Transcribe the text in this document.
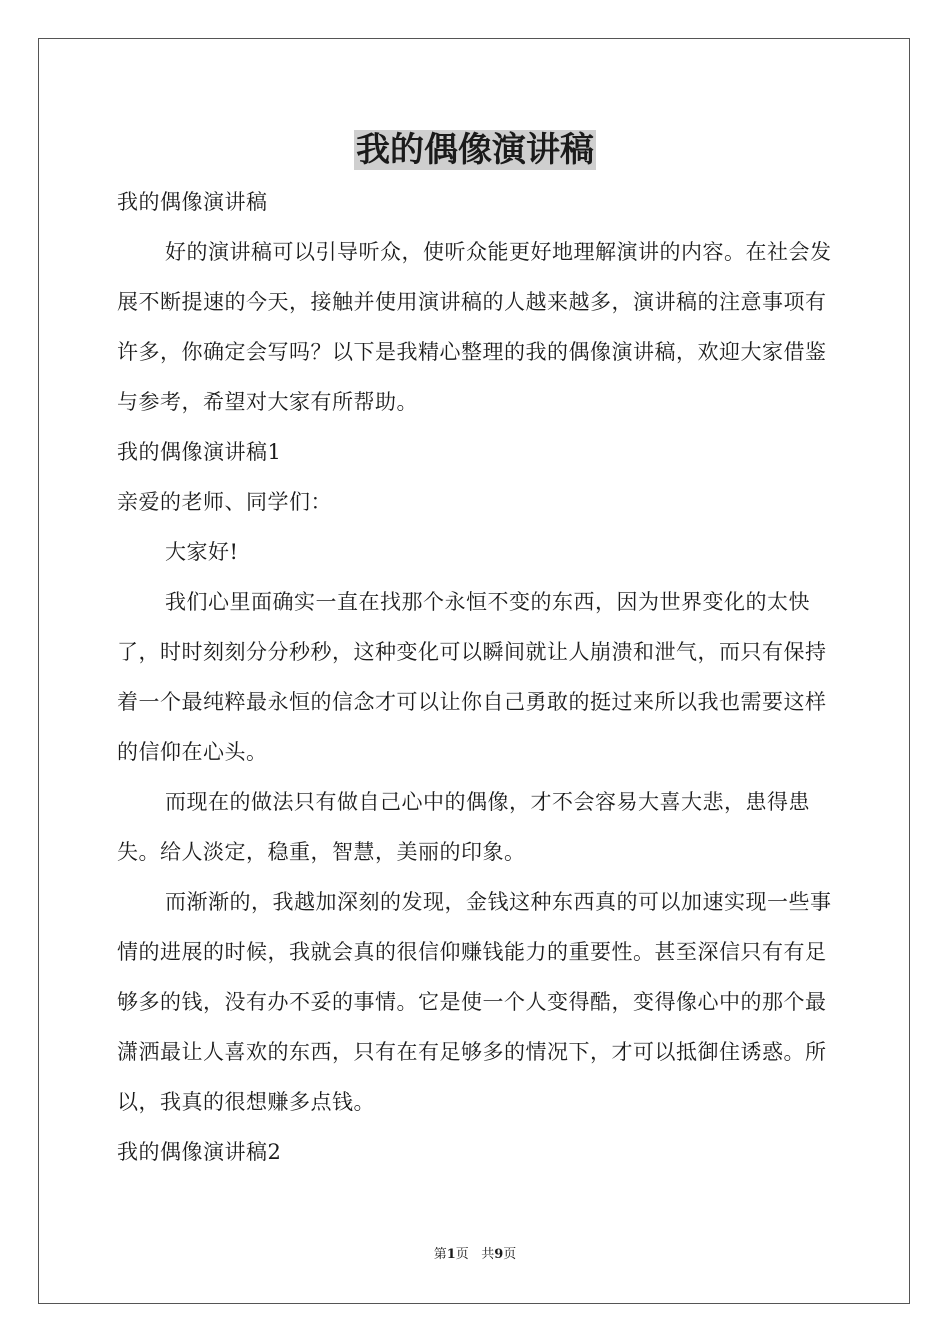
我的偶像演讲稿

我的偶像演讲稿

好的演讲稿可以引导听众，使听众能更好地理解演讲的内容。在社会发展不断提速的今天，接触并使用演讲稿的人越来越多，演讲稿的注意事项有许多，你确定会写吗？以下是我精心整理的我的偶像演讲稿，欢迎大家借鉴与参考，希望对大家有所帮助。

我的偶像演讲稿1

亲爱的老师、同学们：

大家好!

我们心里面确实一直在找那个永恒不变的东西，因为世界变化的太快了，时时刻刻分分秒秒，这种变化可以瞬间就让人崩溃和泄气，而只有保持着一个最纯粹最永恒的信念才可以让你自己勇敢的挺过来所以我也需要这样的信仰在心头。

而现在的做法只有做自己心中的偶像，才不会容易大喜大悲，患得患失。给人淡定，稳重，智慧，美丽的印象。

而渐渐的，我越加深刻的发现，金钱这种东西真的可以加速实现一些事情的进展的时候，我就会真的很信仰赚钱能力的重要性。甚至深信只有有足够多的钱，没有办不妥的事情。它是使一个人变得酷，变得像心中的那个最潇洒最让人喜欢的东西，只有在有足够多的情况下，才可以抵御住诱惑。所以，我真的很想赚多点钱。

我的偶像演讲稿2

第1页 共9页
